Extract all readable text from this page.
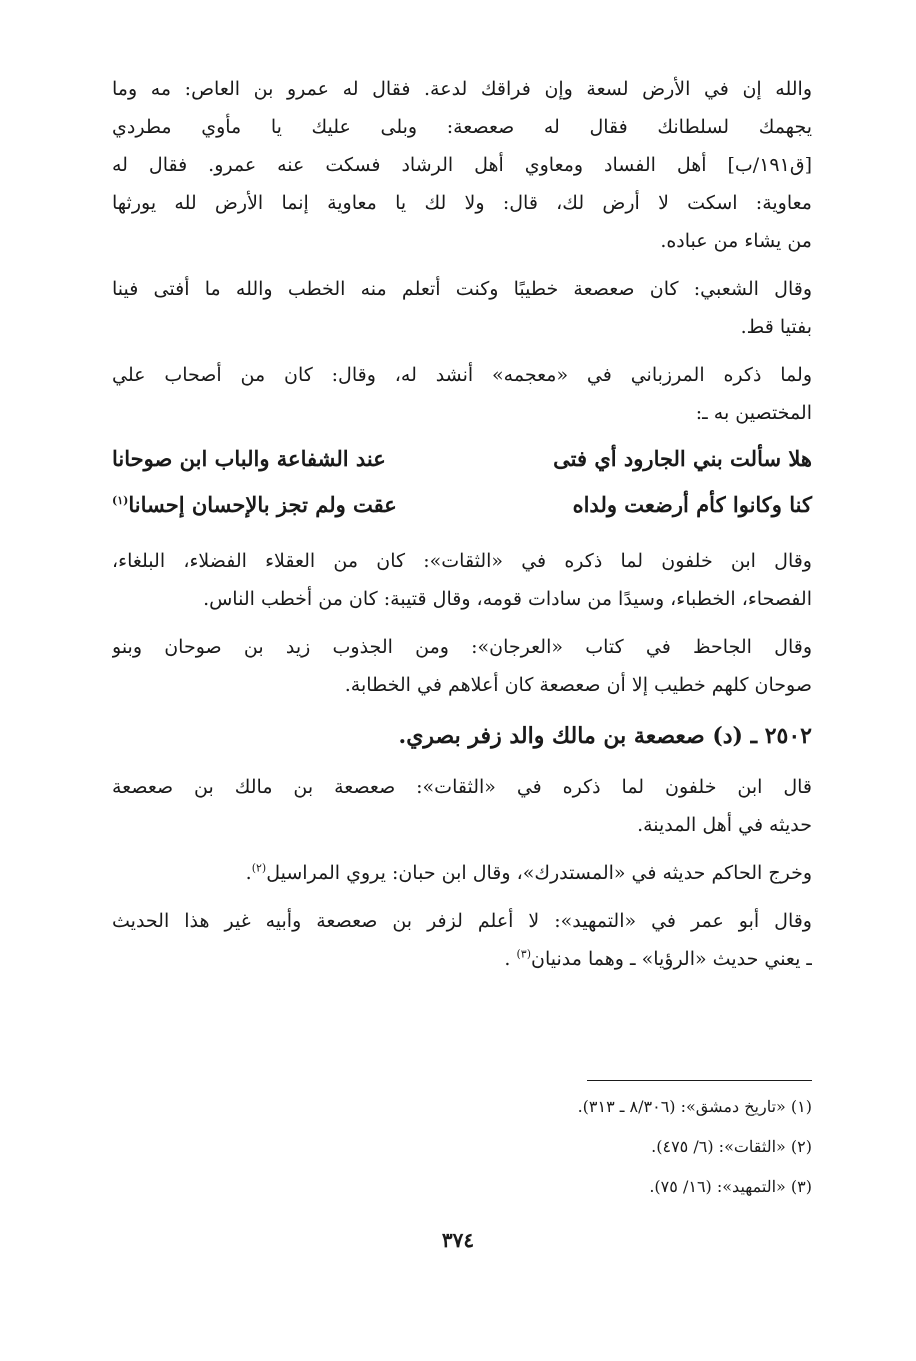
والله إن في الأرض لسعة وإن فراقك لدعة. فقال له عمرو بن العاص: مه وما
يجهمك لسلطانك فقال له صعصعة: وبلى عليك يا مأوي مطردي
[ق١٩١/ب] أهل الفساد ومعاوي أهل الرشاد فسكت عنه عمرو. فقال له
معاوية: اسكت لا أرض لك، قال: ولا لك يا معاوية إنما الأرض لله يورثها
من يشاء من عباده.

وقال الشعبي: كان صعصعة خطيبًا وكنت أتعلم منه الخطب والله ما أفتى فينا
بفتيا قط.

ولما ذكره المرزباني في «معجمه» أنشد له، وقال: كان من أصحاب علي
المختصين به ـ:

هلا سألت بني الجارود أي فتى
عند الشفاعة والباب ابن صوحانا
كنا وكانوا كأم أرضعت ولداه
عقت ولم تجز بالإحسان إحسانا$^{(١)}$

وقال ابن خلفون لما ذكره في «الثقات»: كان من العقلاء الفضلاء، البلغاء،
الفصحاء، الخطباء، وسيدًا من سادات قومه، وقال قتيبة: كان من أخطب الناس.

وقال الجاحظ في كتاب «العرجان»: ومن الجذوب زيد بن صوحان وبنو
صوحان كلهم خطيب إلا أن صعصعة كان أعلاهم في الخطابة.

٢٥٠٢ ـ (د) صعصعة بن مالك والد زفر بصري.

قال ابن خلفون لما ذكره في «الثقات»: صعصعة بن مالك بن صعصعة
حديثه في أهل المدينة.

وخرج الحاكم حديثه في «المستدرك»، وقال ابن حبان: يروي المراسيل$^{(٢)}$.

وقال أبو عمر في «التمهيد»: لا أعلم لزفر بن صعصعة وأبيه غير هذا الحديث
ـ يعني حديث «الرؤيا» ـ وهما مدنيان$^{(٣)}$ .

(١) «تاريخ دمشق»: (٨/٣٠٦ ـ ٣١٣).
(٢) «الثقات»: (٦/ ٤٧٥).
(٣) «التمهيد»: (١٦/ ٧٥).
٣٧٤
